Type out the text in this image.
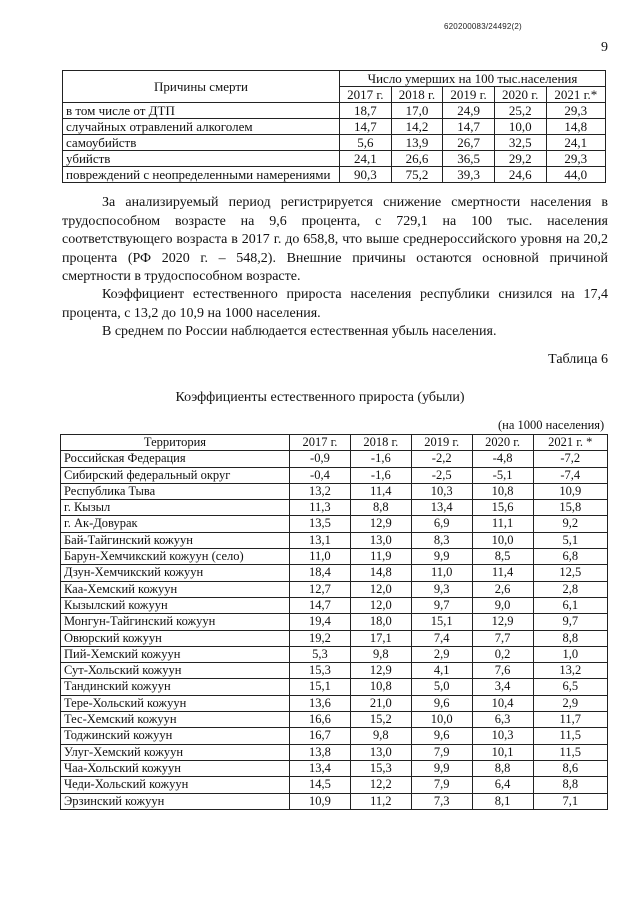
620200083/24492(2)
9
Причины смерти	Число умерших на 100 тыс.населения				
	2017 г.	2018 г.	2019 г.	2020 г.	2021 г.*
в том числе от ДТП	18,7	17,0	24,9	25,2	29,3
случайных отравлений алкоголем	14,7	14,2	14,7	10,0	14,8
самоубийств	5,6	13,9	26,7	32,5	24,1
убийств	24,1	26,6	36,5	29,2	29,3
повреждений с неопределенными намерениями	90,3	75,2	39,3	24,6	44,0

За анализируемый период регистрируется снижение смертности населения в трудоспособном возрасте на 9,6 процента, с 729,1 на 100 тыс. населения соответствующего возраста в 2017 г. до 658,8, что выше среднероссийского уровня на 20,2 процента (РФ 2020 г. – 548,2). Внешние причины остаются основной причиной смертности в трудоспособном возрасте.

Коэффициент естественного прироста населения республики снизился на 17,4 процента, с 13,2 до 10,9 на 1000 населения.

В среднем по России наблюдается естественная убыль населения.

Таблица 6
Коэффициенты естественного прироста (убыли)
(на 1000 населения)
Территория	2017 г.	2018 г.	2019 г.	2020 г.	2021 г. *
Российская Федерация	-0,9	-1,6	-2,2	-4,8	-7,2
Сибирский федеральный округ	-0,4	-1,6	-2,5	-5,1	-7,4
Республика Тыва	13,2	11,4	10,3	10,8	10,9
г. Кызыл	11,3	8,8	13,4	15,6	15,8
г. Ак-Довурак	13,5	12,9	6,9	11,1	9,2
Бай-Тайгинский кожуун	13,1	13,0	8,3	10,0	5,1
Барун-Хемчикский кожуун (село)	11,0	11,9	9,9	8,5	6,8
Дзун-Хемчикский кожуун	18,4	14,8	11,0	11,4	12,5
Каа-Хемский кожуун	12,7	12,0	9,3	2,6	2,8
Кызылский кожуун	14,7	12,0	9,7	9,0	6,1
Монгун-Тайгинский кожуун	19,4	18,0	15,1	12,9	9,7
Овюрский кожуун	19,2	17,1	7,4	7,7	8,8
Пий-Хемский кожуун	5,3	9,8	2,9	0,2	1,0
Сут-Хольский кожуун	15,3	12,9	4,1	7,6	13,2
Тандинский кожуун	15,1	10,8	5,0	3,4	6,5
Тере-Хольский кожуун	13,6	21,0	9,6	10,4	2,9
Тес-Хемский кожуун	16,6	15,2	10,0	6,3	11,7
Тоджинский кожуун	16,7	9,8	9,6	10,3	11,5
Улуг-Хемский кожуун	13,8	13,0	7,9	10,1	11,5
Чаа-Хольский кожуун	13,4	15,3	9,9	8,8	8,6
Чеди-Хольский кожуун	14,5	12,2	7,9	6,4	8,8
Эрзинский кожуун	10,9	11,2	7,3	8,1	7,1
